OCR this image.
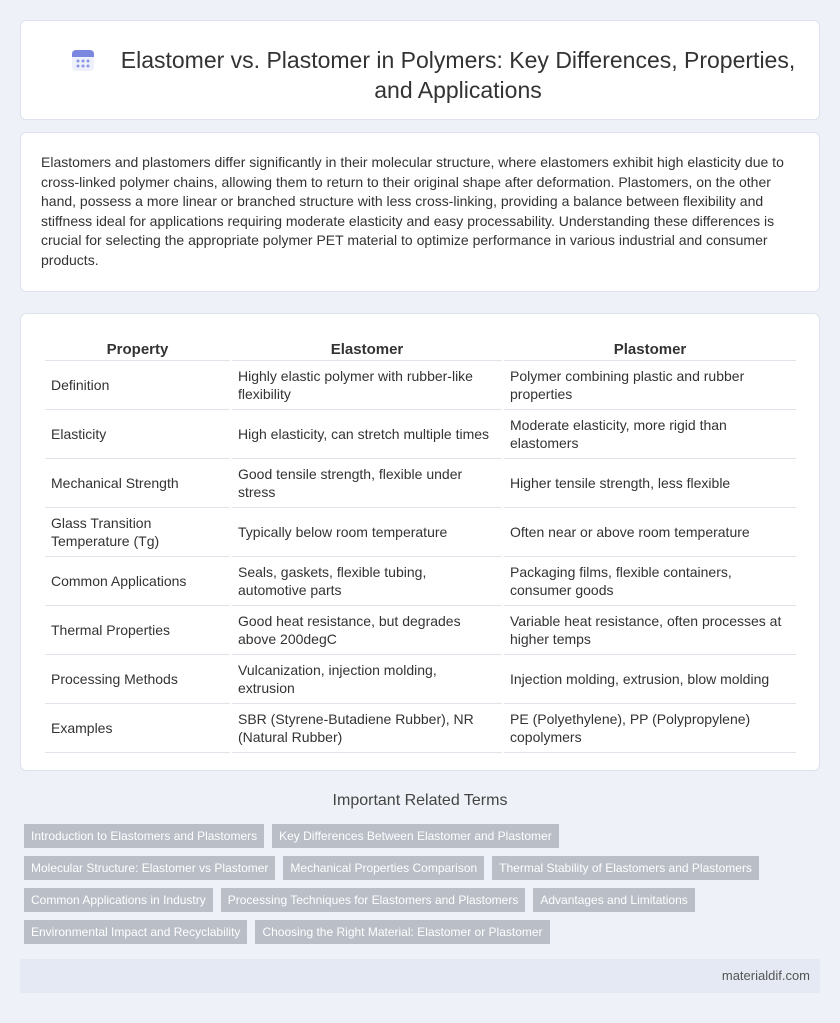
Elastomer vs. Plastomer in Polymers: Key Differences, Properties, and Applications

Elastomers and plastomers differ significantly in their molecular structure, where elastomers exhibit high elasticity due to cross-linked polymer chains, allowing them to return to their original shape after deformation. Plastomers, on the other hand, possess a more linear or branched structure with less cross-linking, providing a balance between flexibility and stiffness ideal for applications requiring moderate elasticity and easy processability. Understanding these differences is crucial for selecting the appropriate polymer PET material to optimize performance in various industrial and consumer products.

Property	Elastomer	Plastomer
Definition	Highly elastic polymer with rubber-like flexibility	Polymer combining plastic and rubber properties
Elasticity	High elasticity, can stretch multiple times	Moderate elasticity, more rigid than elastomers
Mechanical Strength	Good tensile strength, flexible under stress	Higher tensile strength, less flexible
Glass Transition Temperature (Tg)	Typically below room temperature	Often near or above room temperature
Common Applications	Seals, gaskets, flexible tubing, automotive parts	Packaging films, flexible containers, consumer goods
Thermal Properties	Good heat resistance, but degrades above 200degC	Variable heat resistance, often processes at higher temps
Processing Methods	Vulcanization, injection molding, extrusion	Injection molding, extrusion, blow molding
Examples	SBR (Styrene-Butadiene Rubber), NR (Natural Rubber)	PE (Polyethylene), PP (Polypropylene) copolymers
Important Related Terms
Introduction to Elastomers and Plastomers	Key Differences Between Elastomer and Plastomer
Molecular Structure: Elastomer vs Plastomer	Mechanical Properties Comparison	Thermal Stability of Elastomers and Plastomers
Common Applications in Industry	Processing Techniques for Elastomers and Plastomers	Advantages and Limitations
Environmental Impact and Recyclability	Choosing the Right Material: Elastomer or Plastomer
materialdif.com
